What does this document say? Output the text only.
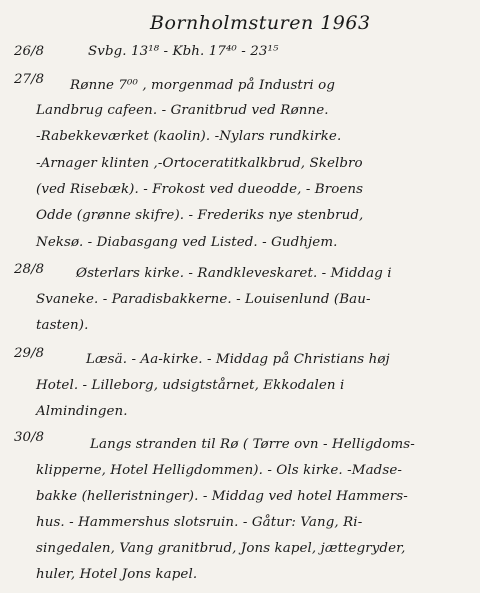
Bornholmsturen 1963
26/8	Svbg. 13¹⁸ - Kbh. 17⁴⁰ - 23¹⁵
27/8 Rønne 7⁰⁰ , morgenmad på Industri og
Landbrug cafeen. - Granitbrud ved Rønne.
-Rabekkeværket (kaolin). -Nylars rundkirke.
-Arnager klinten ,-Ortoceratitkalkbrud, Skelbro
(ved Risebæk). - Frokost ved dueodde, - Broens
Odde (grønne skifre). - Frederiks nye stenbrud,
Neksø. - Diabasgang ved Listed. - Gudhjem.
28/8 Østerlars kirke. - Randkleveskaret. - Middag i
Svaneke. - Paradisbakkerne. - Louisenlund (Bau-
tasten).
29/8	Læsä. - Aa-kirke. - Middag på Christians høj
Hotel. - Lilleborg, udsigtstårnet, Ekkodalen i
Almindingen.
30/8	Langs stranden til Rø ( Tørre ovn - Helligdoms-
klipperne, Hotel Helligdommen). - Ols kirke. -Madse-
bakke (helleristninger). - Middag ved hotel Hammers-
hus. - Hammershus slotsruin. - Gåtur: Vang, Ri-
singedalen, Vang granitbrud, Jons kapel, jættegryder,
huler, Hotel Jons kapel.
